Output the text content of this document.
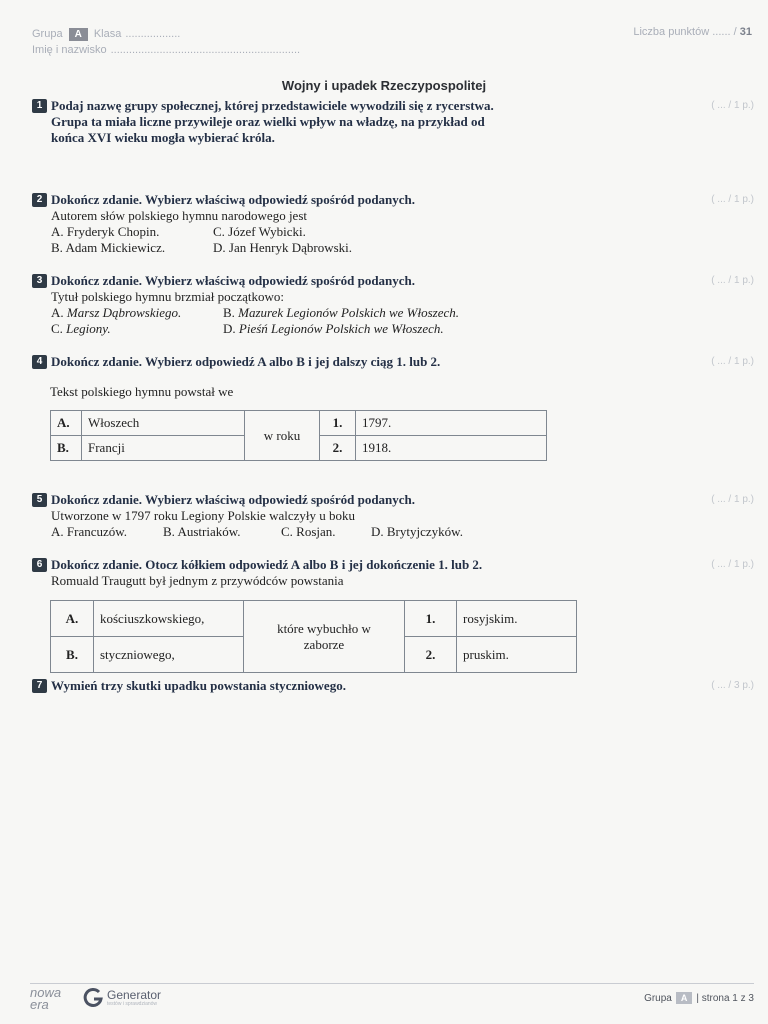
Grupa	A	Klasa ..................
Imię i nazwisko ..............................................................
Liczba punktów ...... / 31
Wojny i upadek Rzeczypospolitej
1 Podaj nazwę grupy społecznej, której przedstawiciele wywodzili się z rycerstwa.
Grupa ta miała liczne przywileje oraz wielki wpływ na władzę, na przykład od
końca XVI wieku mogła wybierać króla.
( ... / 1 p.)
2 Dokończ zdanie. Wybierz właściwą odpowiedź spośród podanych.
Autorem słów polskiego hymnu narodowego jest
A. Fryderyk Chopin.	C. Józef Wybicki.
B. Adam Mickiewicz.	D. Jan Henryk Dąbrowski.
( ... / 1 p.)
3 Dokończ zdanie. Wybierz właściwą odpowiedź spośród podanych.
Tytuł polskiego hymnu brzmiał początkowo:
A. Marsz Dąbrowskiego.	B. Mazurek Legionów Polskich we Włoszech.
C. Legiony.	D. Pieśń Legionów Polskich we Włoszech.
( ... / 1 p.)
4 Dokończ zdanie. Wybierz odpowiedź A albo B i jej dalszy ciąg 1. lub 2.
Tekst polskiego hymnu powstał we
( ... / 1 p.)
A.	Włoszech	w roku	1.	1797.
B.	Francji		2.	1918.
5 Dokończ zdanie. Wybierz właściwą odpowiedź spośród podanych.
Utworzone w 1797 roku Legiony Polskie walczyły u boku
A. Francuzów.	B. Austriaków.	C. Rosjan.	D. Brytyjczyków.
( ... / 1 p.)
6 Dokończ zdanie. Otocz kółkiem odpowiedź A albo B i jej dokończenie 1. lub 2.
Romuald Traugutt był jednym z przywódców powstania
( ... / 1 p.)
A.	kościuszkowskiego,	które wybuchło w zaborze	1.	rosyjskim.
B.	styczniowego,		2.	pruskim.
7 Wymień trzy skutki upadku powstania styczniowego.	( ... / 3 p.)
nowa
era
Generator
testów i sprawdzianów
Grupa	A | strona 1 z 3
